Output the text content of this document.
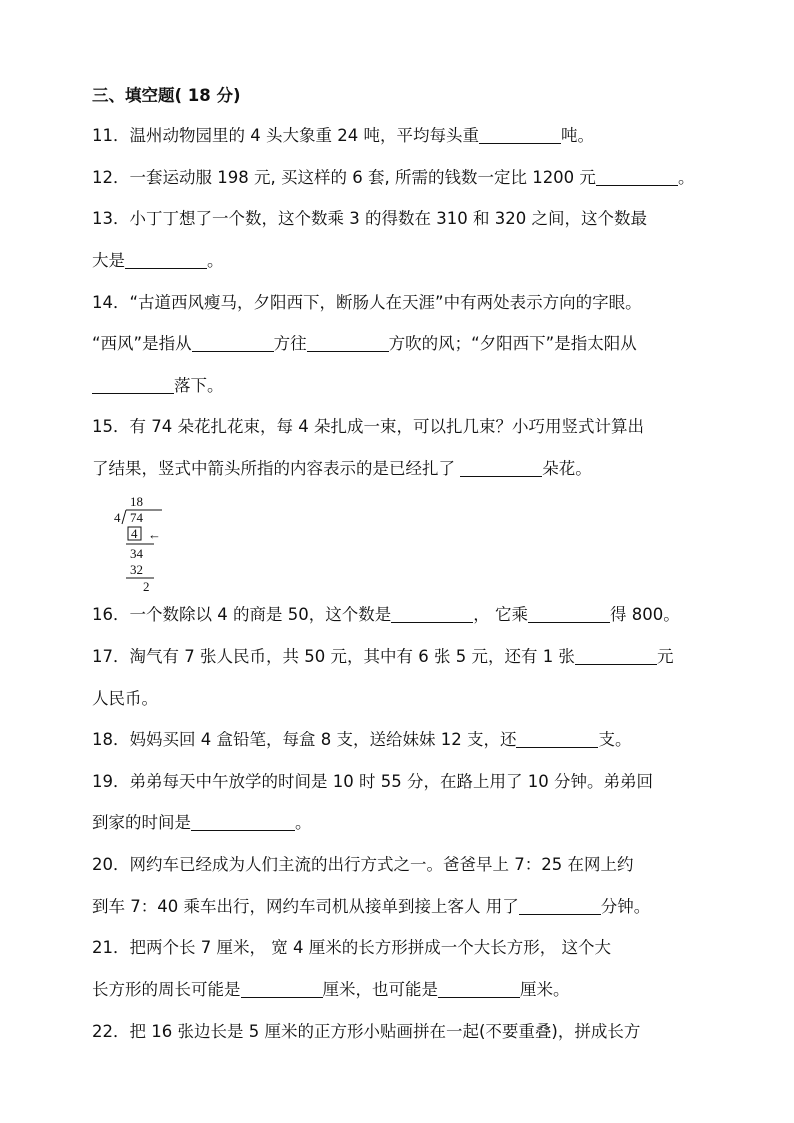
三、填空题( 18 分)
11．温州动物园里的 4 头大象重 24 吨，平均每头重	吨。
12．一套运动服 198 元, 买这样的 6 套, 所需的钱数一定比 1200 元	。
13．小丁丁想了一个数，这个数乘 3 的得数在 310 和 320 之间，这个数最
大是	。
14．“古道西风瘦马，夕阳西下，断肠人在天涯”中有两处表示方向的字眼。
“西风”是指从	方往	方吹的风；“夕阳西下”是指太阳从
落下。
15．有 74 朵花扎花束，每 4 朵扎成一束，可以扎几束？小巧用竖式计算出
了结果，竖式中箭头所指的内容表示的是已经扎了	朵花。
18
4 74
4 ←
34
32
2
16．一个数除以 4 的商是 50，这个数是	， 它乘	得 800。
17．淘气有 7 张人民币，共 50 元，其中有 6 张 5 元，还有 1 张	元
人民币。
18．妈妈买回 4 盒铅笔，每盒 8 支，送给妹妹 12 支，还	支。
19．弟弟每天中午放学的时间是 10 时 55 分，在路上用了 10 分钟。弟弟回
到家的时间是	。
20．网约车已经成为人们主流的出行方式之一。爸爸早上 7：25 在网上约
到车 7：40 乘车出行，网约车司机从接单到接上客人 用了	分钟。
21．把两个长 7 厘米， 宽 4 厘米的长方形拼成一个大长方形， 这个大
长方形的周长可能是	厘米，也可能是	厘米。
22．把 16 张边长是 5 厘米的正方形小贴画拼在一起(不要重叠)，拼成长方
